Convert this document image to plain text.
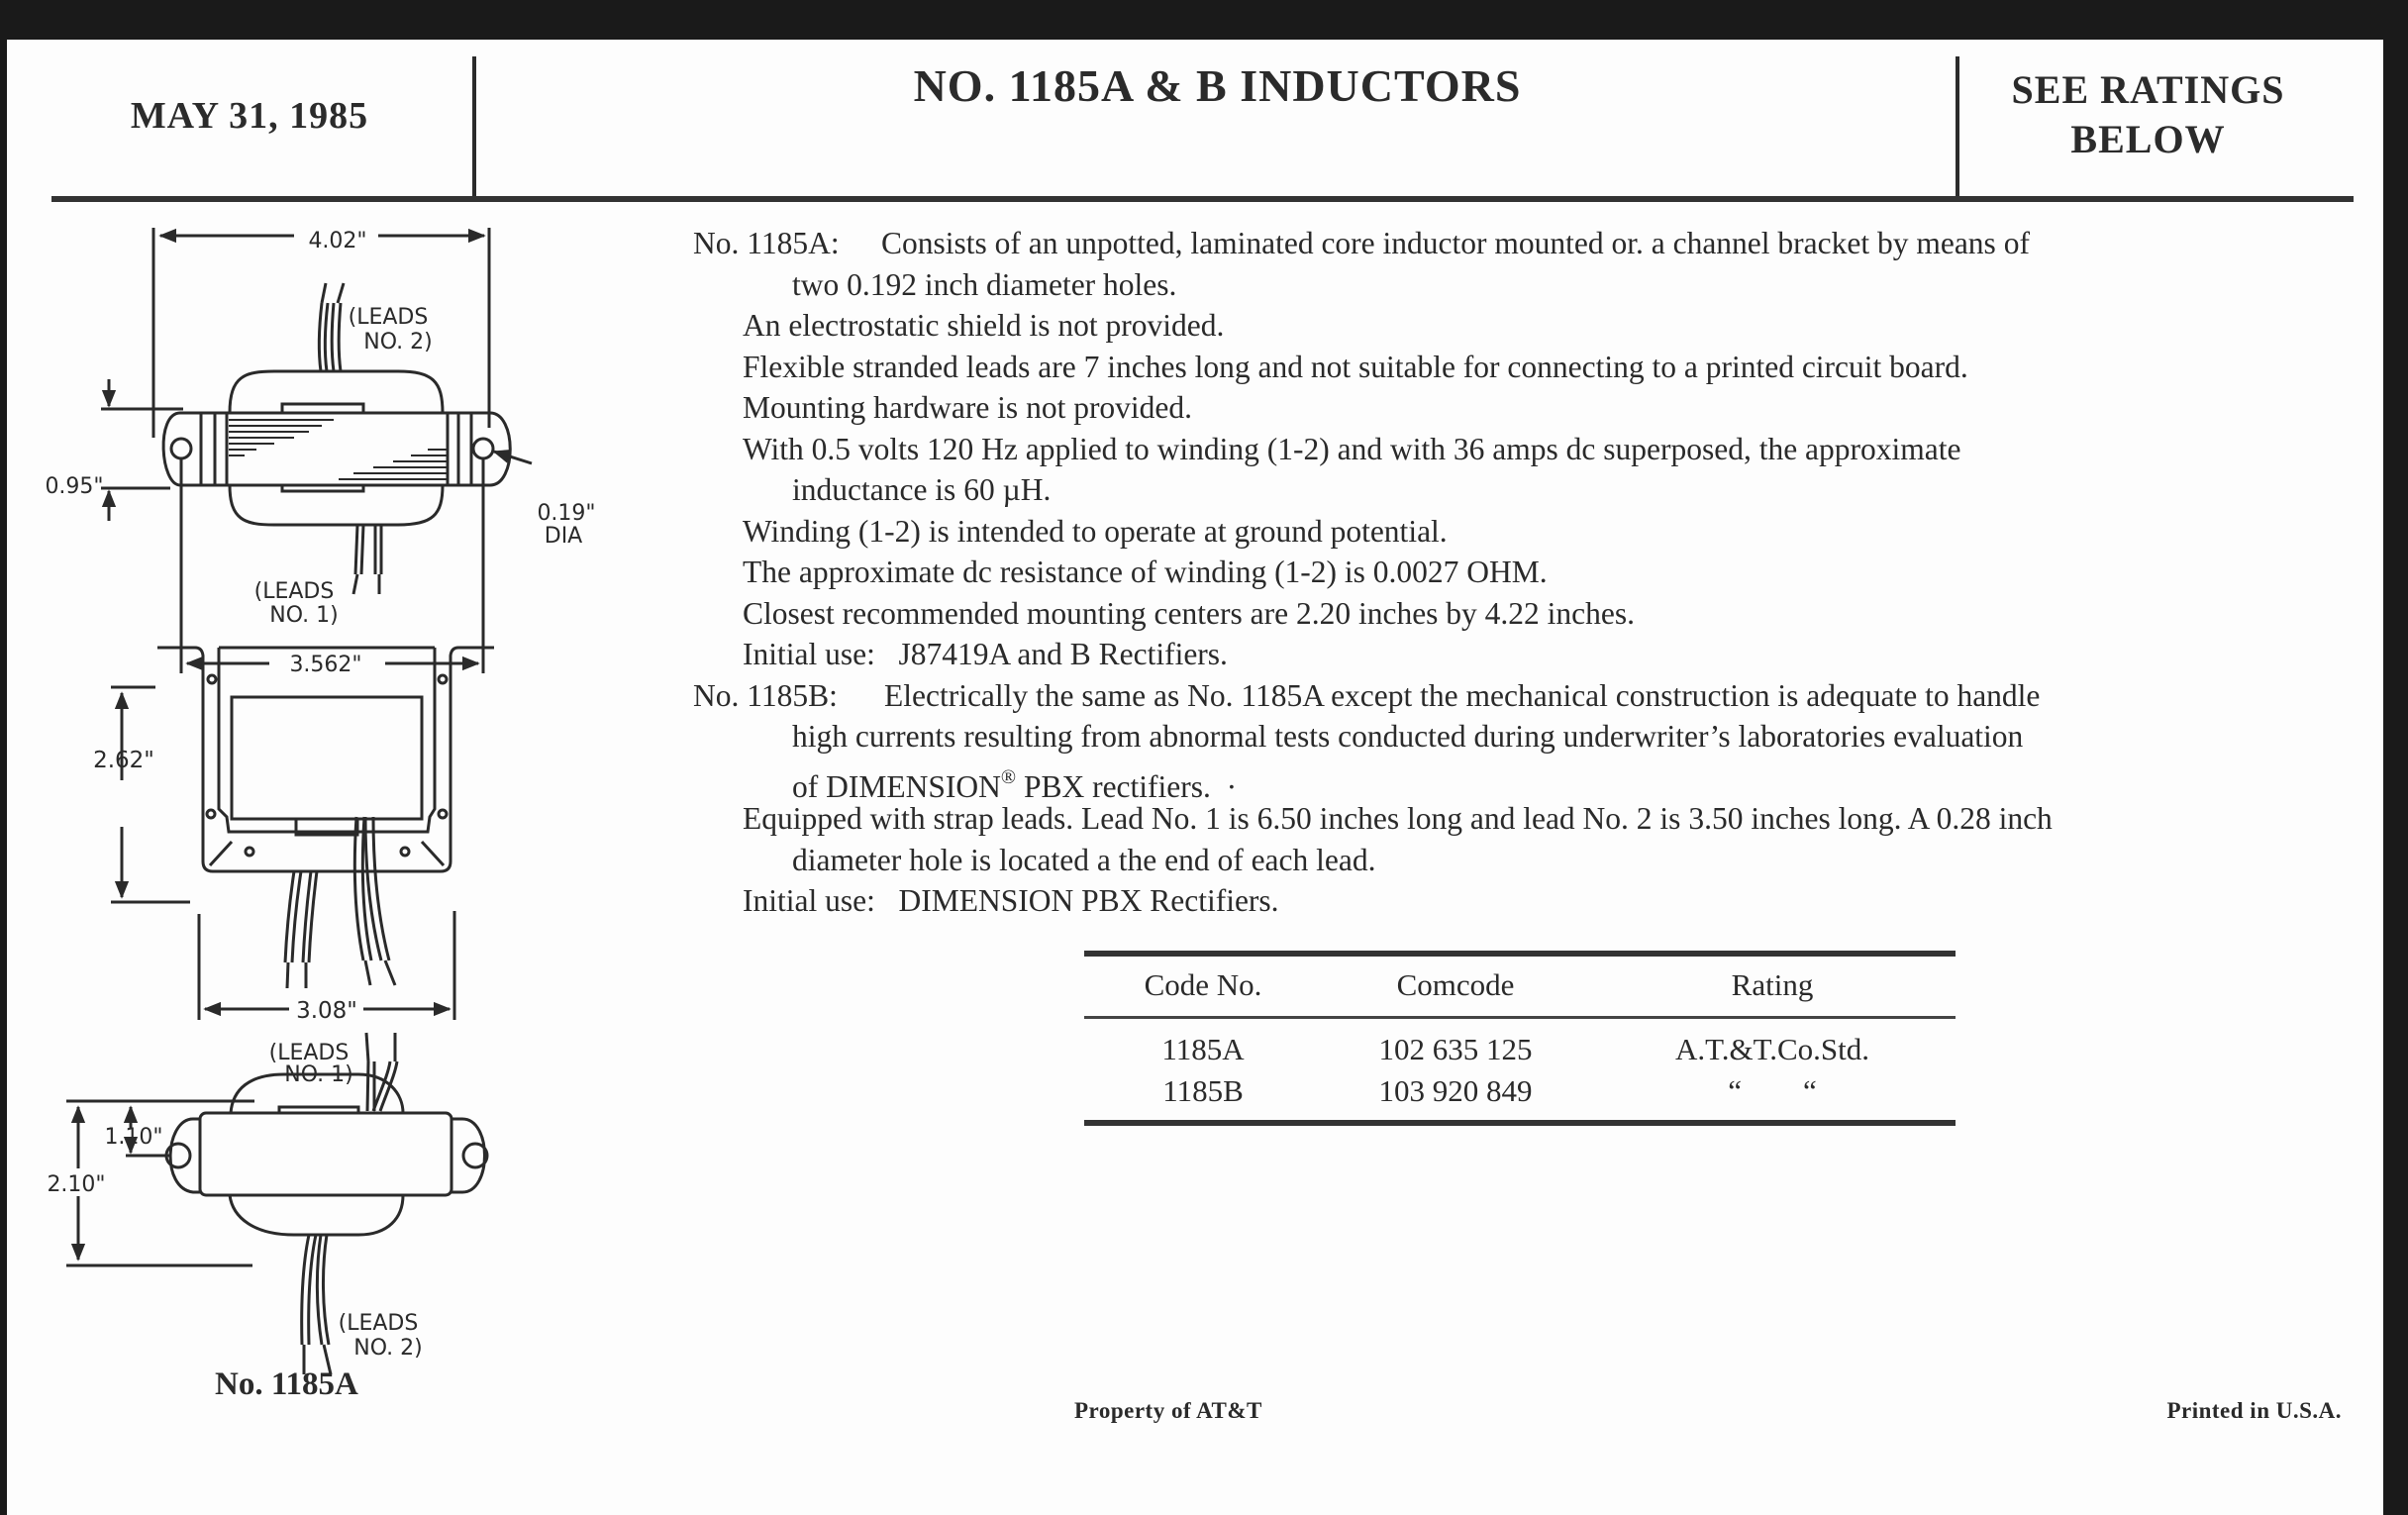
MAY 31, 1985
NO. 1185A & B INDUCTORS	SEE RATINGS
BELOW
4.02"
(LEADS
NO. 2)
0.95"
0.19"
DIA
(LEADS
NO. 1)
3.562"
2.62"
3.08"
1.10"
2.10"
(LEADS
NO. 1)
(LEADS
NO. 2)
No. 1185A
No. 1185A: Consists of an unpotted, laminated core inductor mounted or. a channel bracket by means of
two 0.192 inch diameter holes.
An electrostatic shield is not provided.
Flexible stranded leads are 7 inches long and not suitable for connecting to a printed circuit board.
Mounting hardware is not provided.
With 0.5 volts 120 Hz applied to winding (1-2) and with 36 amps dc superposed, the approximate
inductance is 60 µH.
Winding (1-2) is intended to operate at ground potential.
The approximate dc resistance of winding (1-2) is 0.0027 OHM.
Closest recommended mounting centers are 2.20 inches by 4.22 inches.
Initial use:   J87419A and B Rectifiers.
No. 1185B: Electrically the same as No. 1185A except the mechanical construction is adequate to handle
high currents resulting from abnormal tests conducted during underwriter’s laboratories evaluation
of DIMENSION® PBX rectifiers.  ·
Equipped with strap leads. Lead No. 1 is 6.50 inches long and lead No. 2 is 3.50 inches long. A 0.28 inch
diameter hole is located a the end of each lead.
Initial use:   DIMENSION PBX Rectifiers.
Code No.	Comcode	Rating
1185A	102 635 125	A.T.&T.Co.Std.
1185B	103 920 849	“        “
Property of AT&T	Printed in U.S.A.
